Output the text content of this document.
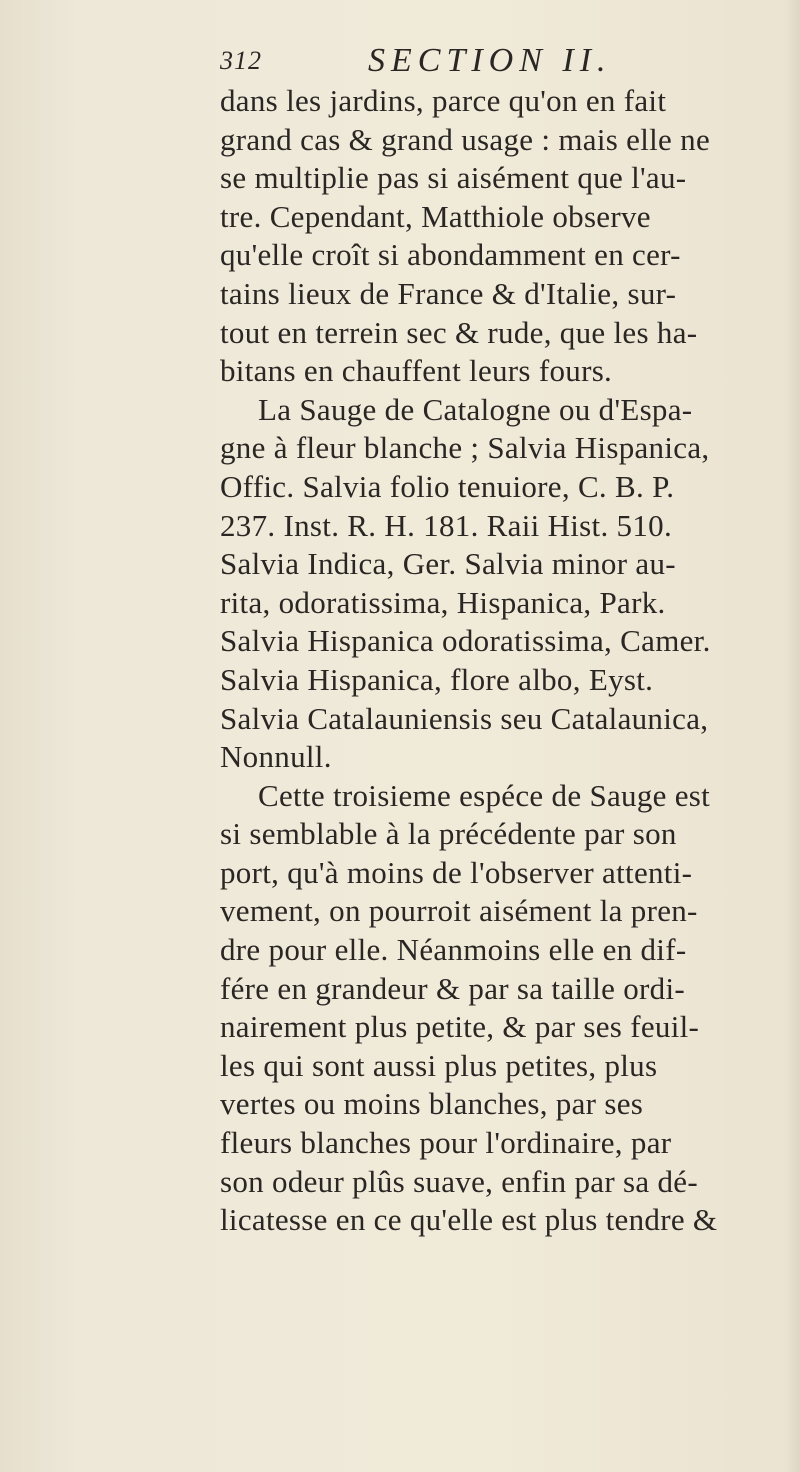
312	SECTION II.
dans les jardins, parce qu'on en fait
grand cas & grand usage : mais elle ne
se multiplie pas si aisément que l'au-
tre. Cependant, Matthiole observe
qu'elle croît si abondamment en cer-
tains lieux de France & d'Italie, sur-
tout en terrein sec & rude, que les ha-
bitans en chauffent leurs fours.
La Sauge de Catalogne ou d'Espa-
gne à fleur blanche ; Salvia Hispanica,
Offic. Salvia folio tenuiore, C. B. P.
237. Inst. R. H. 181. Raii Hist. 510.
Salvia Indica, Ger. Salvia minor au-
rita, odoratissima, Hispanica, Park.
Salvia Hispanica odoratissima, Camer.
Salvia Hispanica, flore albo, Eyst.
Salvia Catalauniensis seu Catalaunica,
Nonnull.
Cette troisieme espéce de Sauge est
si semblable à la précédente par son
port, qu'à moins de l'observer attenti-
vement, on pourroit aisément la pren-
dre pour elle. Néanmoins elle en dif-
fére en grandeur & par sa taille ordi-
nairement plus petite, & par ses feuil-
les qui sont aussi plus petites, plus
vertes ou moins blanches, par ses
fleurs blanches pour l'ordinaire, par
son odeur plûs suave, enfin par sa dé-
licatesse en ce qu'elle est plus tendre &
